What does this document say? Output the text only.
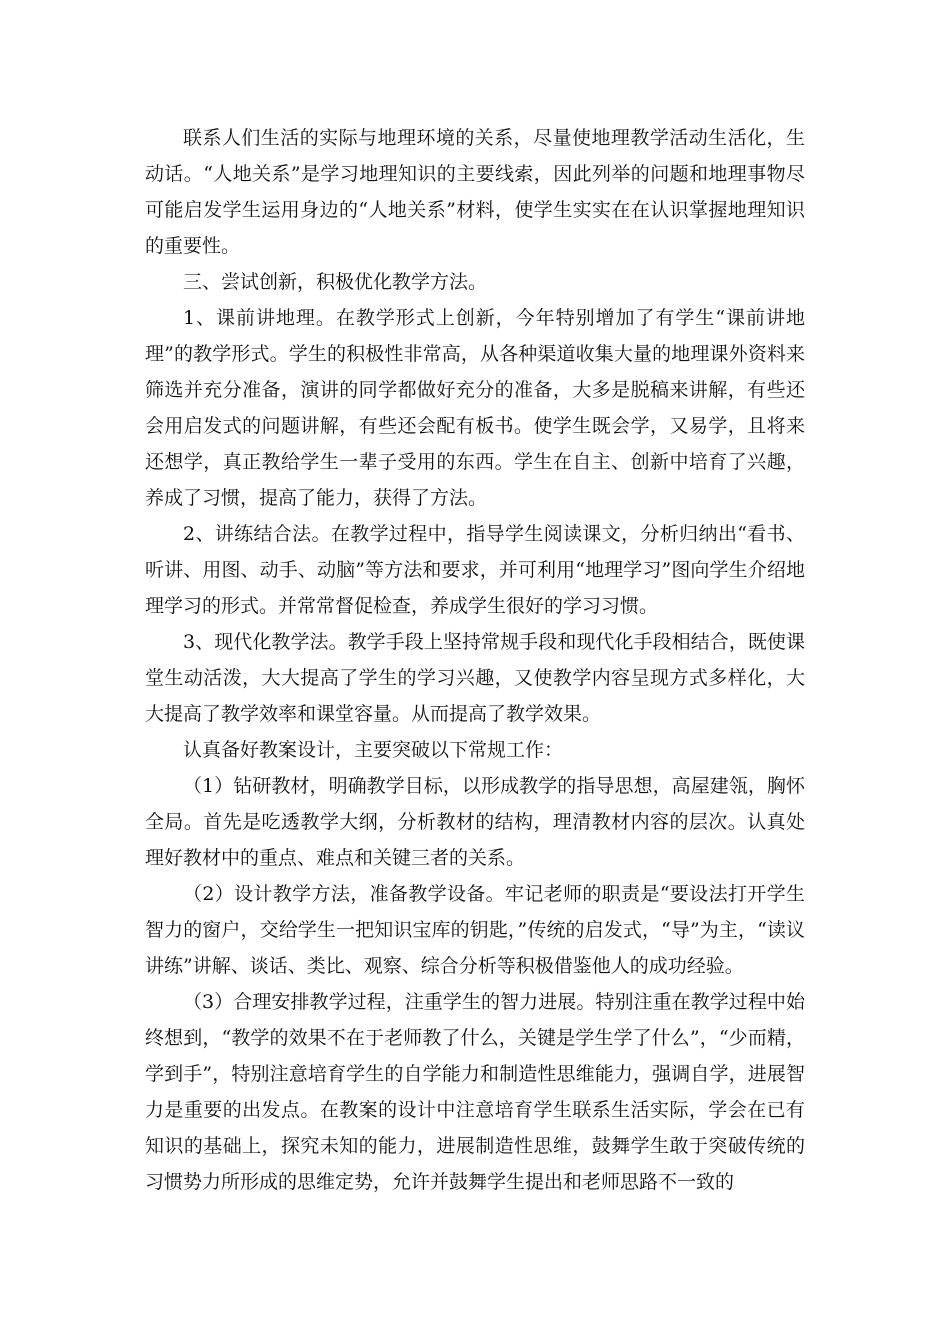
联系人们生活的实际与地理环境的关系，尽量使地理教学活动生活化，生动话。“人地关系”是学习地理知识的主要线索，因此列举的问题和地理事物尽可能启发学生运用身边的“人地关系”材料，使学生实实在在认识掌握地理知识的重要性。

三、尝试创新，积极优化教学方法。

1、课前讲地理。在教学形式上创新，今年特别增加了有学生“课前讲地理”的教学形式。学生的积极性非常高，从各种渠道收集大量的地理课外资料来筛选并充分准备，演讲的同学都做好充分的准备，大多是脱稿来讲解，有些还会用启发式的问题讲解，有些还会配有板书。使学生既会学，又易学，且将来还想学，真正教给学生一辈子受用的东西。学生在自主、创新中培育了兴趣，养成了习惯，提高了能力，获得了方法。

2、讲练结合法。在教学过程中，指导学生阅读课文，分析归纳出“看书、听讲、用图、动手、动脑”等方法和要求，并可利用“地理学习”图向学生介绍地理学习的形式。并常常督促检查，养成学生很好的学习习惯。

3、现代化教学法。教学手段上坚持常规手段和现代化手段相结合，既使课堂生动活泼，大大提高了学生的学习兴趣，又使教学内容呈现方式多样化，大大提高了教学效率和课堂容量。从而提高了教学效果。

认真备好教案设计，主要突破以下常规工作：

（1）钻研教材，明确教学目标，以形成教学的指导思想，高屋建瓴，胸怀全局。首先是吃透教学大纲，分析教材的结构，理清教材内容的层次。认真处理好教材中的重点、难点和关键三者的关系。

（2）设计教学方法，准备教学设备。牢记老师的职责是“要设法打开学生智力的窗户，交给学生一把知识宝库的钥匙，”传统的启发式，“导”为主，“读议讲练”讲解、谈话、类比、观察、综合分析等积极借鉴他人的成功经验。

（3）合理安排教学过程，注重学生的智力进展。特别注重在教学过程中始终想到，“教学的效果不在于老师教了什么，关键是学生学了什么”，“少而精，学到手”，特别注意培育学生的自学能力和制造性思维能力，强调自学，进展智力是重要的出发点。在教案的设计中注意培育学生联系生活实际，学会在已有知识的基础上，探究未知的能力，进展制造性思维，鼓舞学生敢于突破传统的习惯势力所形成的思维定势，允许并鼓舞学生提出和老师思路不一致的
